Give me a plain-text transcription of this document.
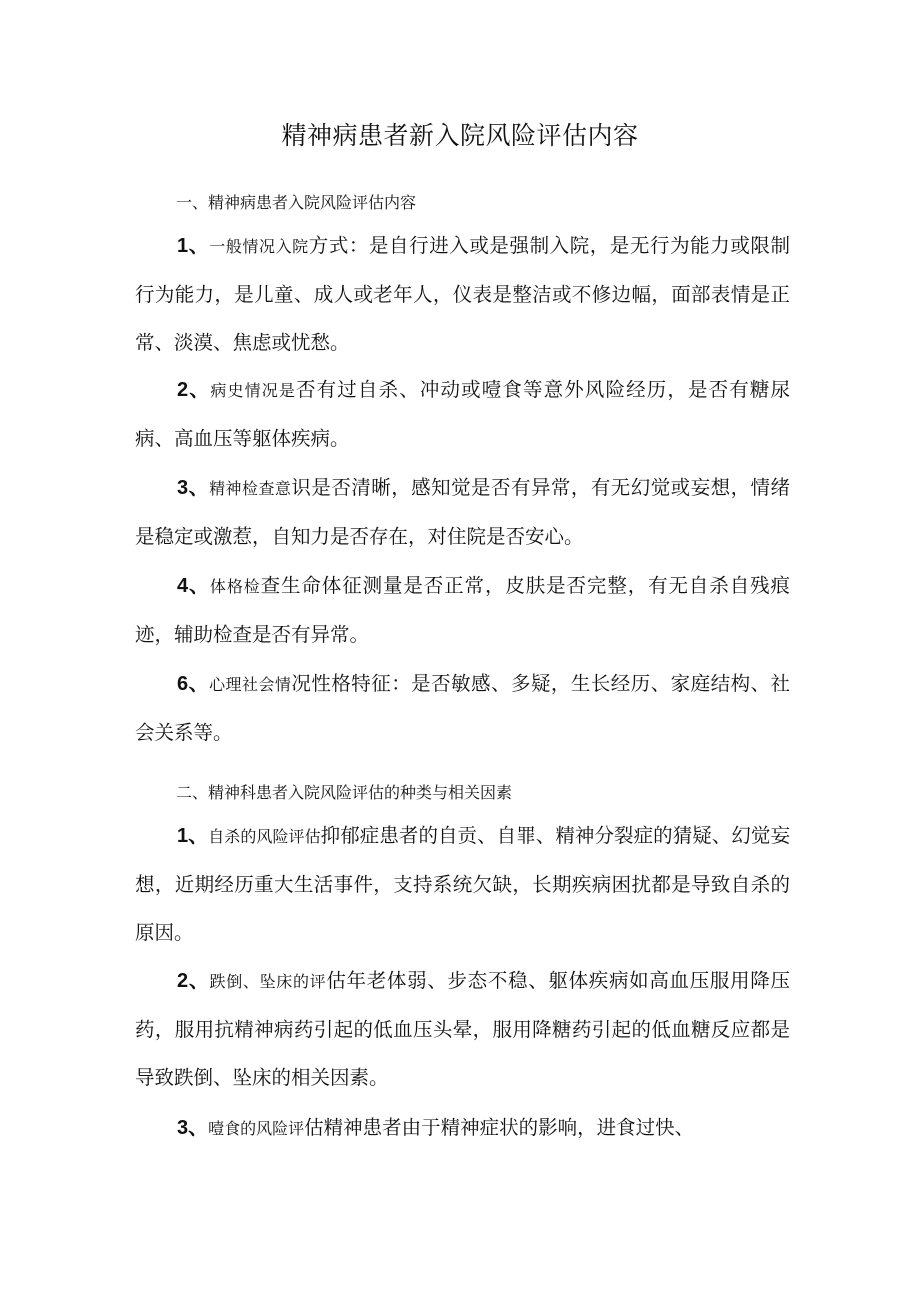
精神病患者新入院风险评估内容
一、精神病患者入院风险评估内容
1、一般情况入院方式：是自行进入或是强制入院，是无行为能力或限制行为能力，是儿童、成人或老年人，仪表是整洁或不修边幅，面部表情是正常、淡漠、焦虑或忧愁。
2、病史情况是否有过自杀、冲动或噎食等意外风险经历，是否有糖尿病、高血压等躯体疾病。
3、精神检查意识是否清晰，感知觉是否有异常，有无幻觉或妄想，情绪是稳定或激惹，自知力是否存在，对住院是否安心。
4、体格检查生命体征测量是否正常，皮肤是否完整，有无自杀自残痕迹，辅助检查是否有异常。
6、心理社会情况性格特征：是否敏感、多疑，生长经历、家庭结构、社会关系等。
二、精神科患者入院风险评估的种类与相关因素
1、自杀的风险评估抑郁症患者的自贡、自罪、精神分裂症的猜疑、幻觉妄想，近期经历重大生活事件，支持系统欠缺，长期疾病困扰都是导致自杀的原因。
2、跌倒、坠床的评估年老体弱、步态不稳、躯体疾病如高血压服用降压药，服用抗精神病药引起的低血压头晕，服用降糖药引起的低血糖反应都是导致跌倒、坠床的相关因素。
3、噎食的风险评估精神患者由于精神症状的影响，进食过快、
